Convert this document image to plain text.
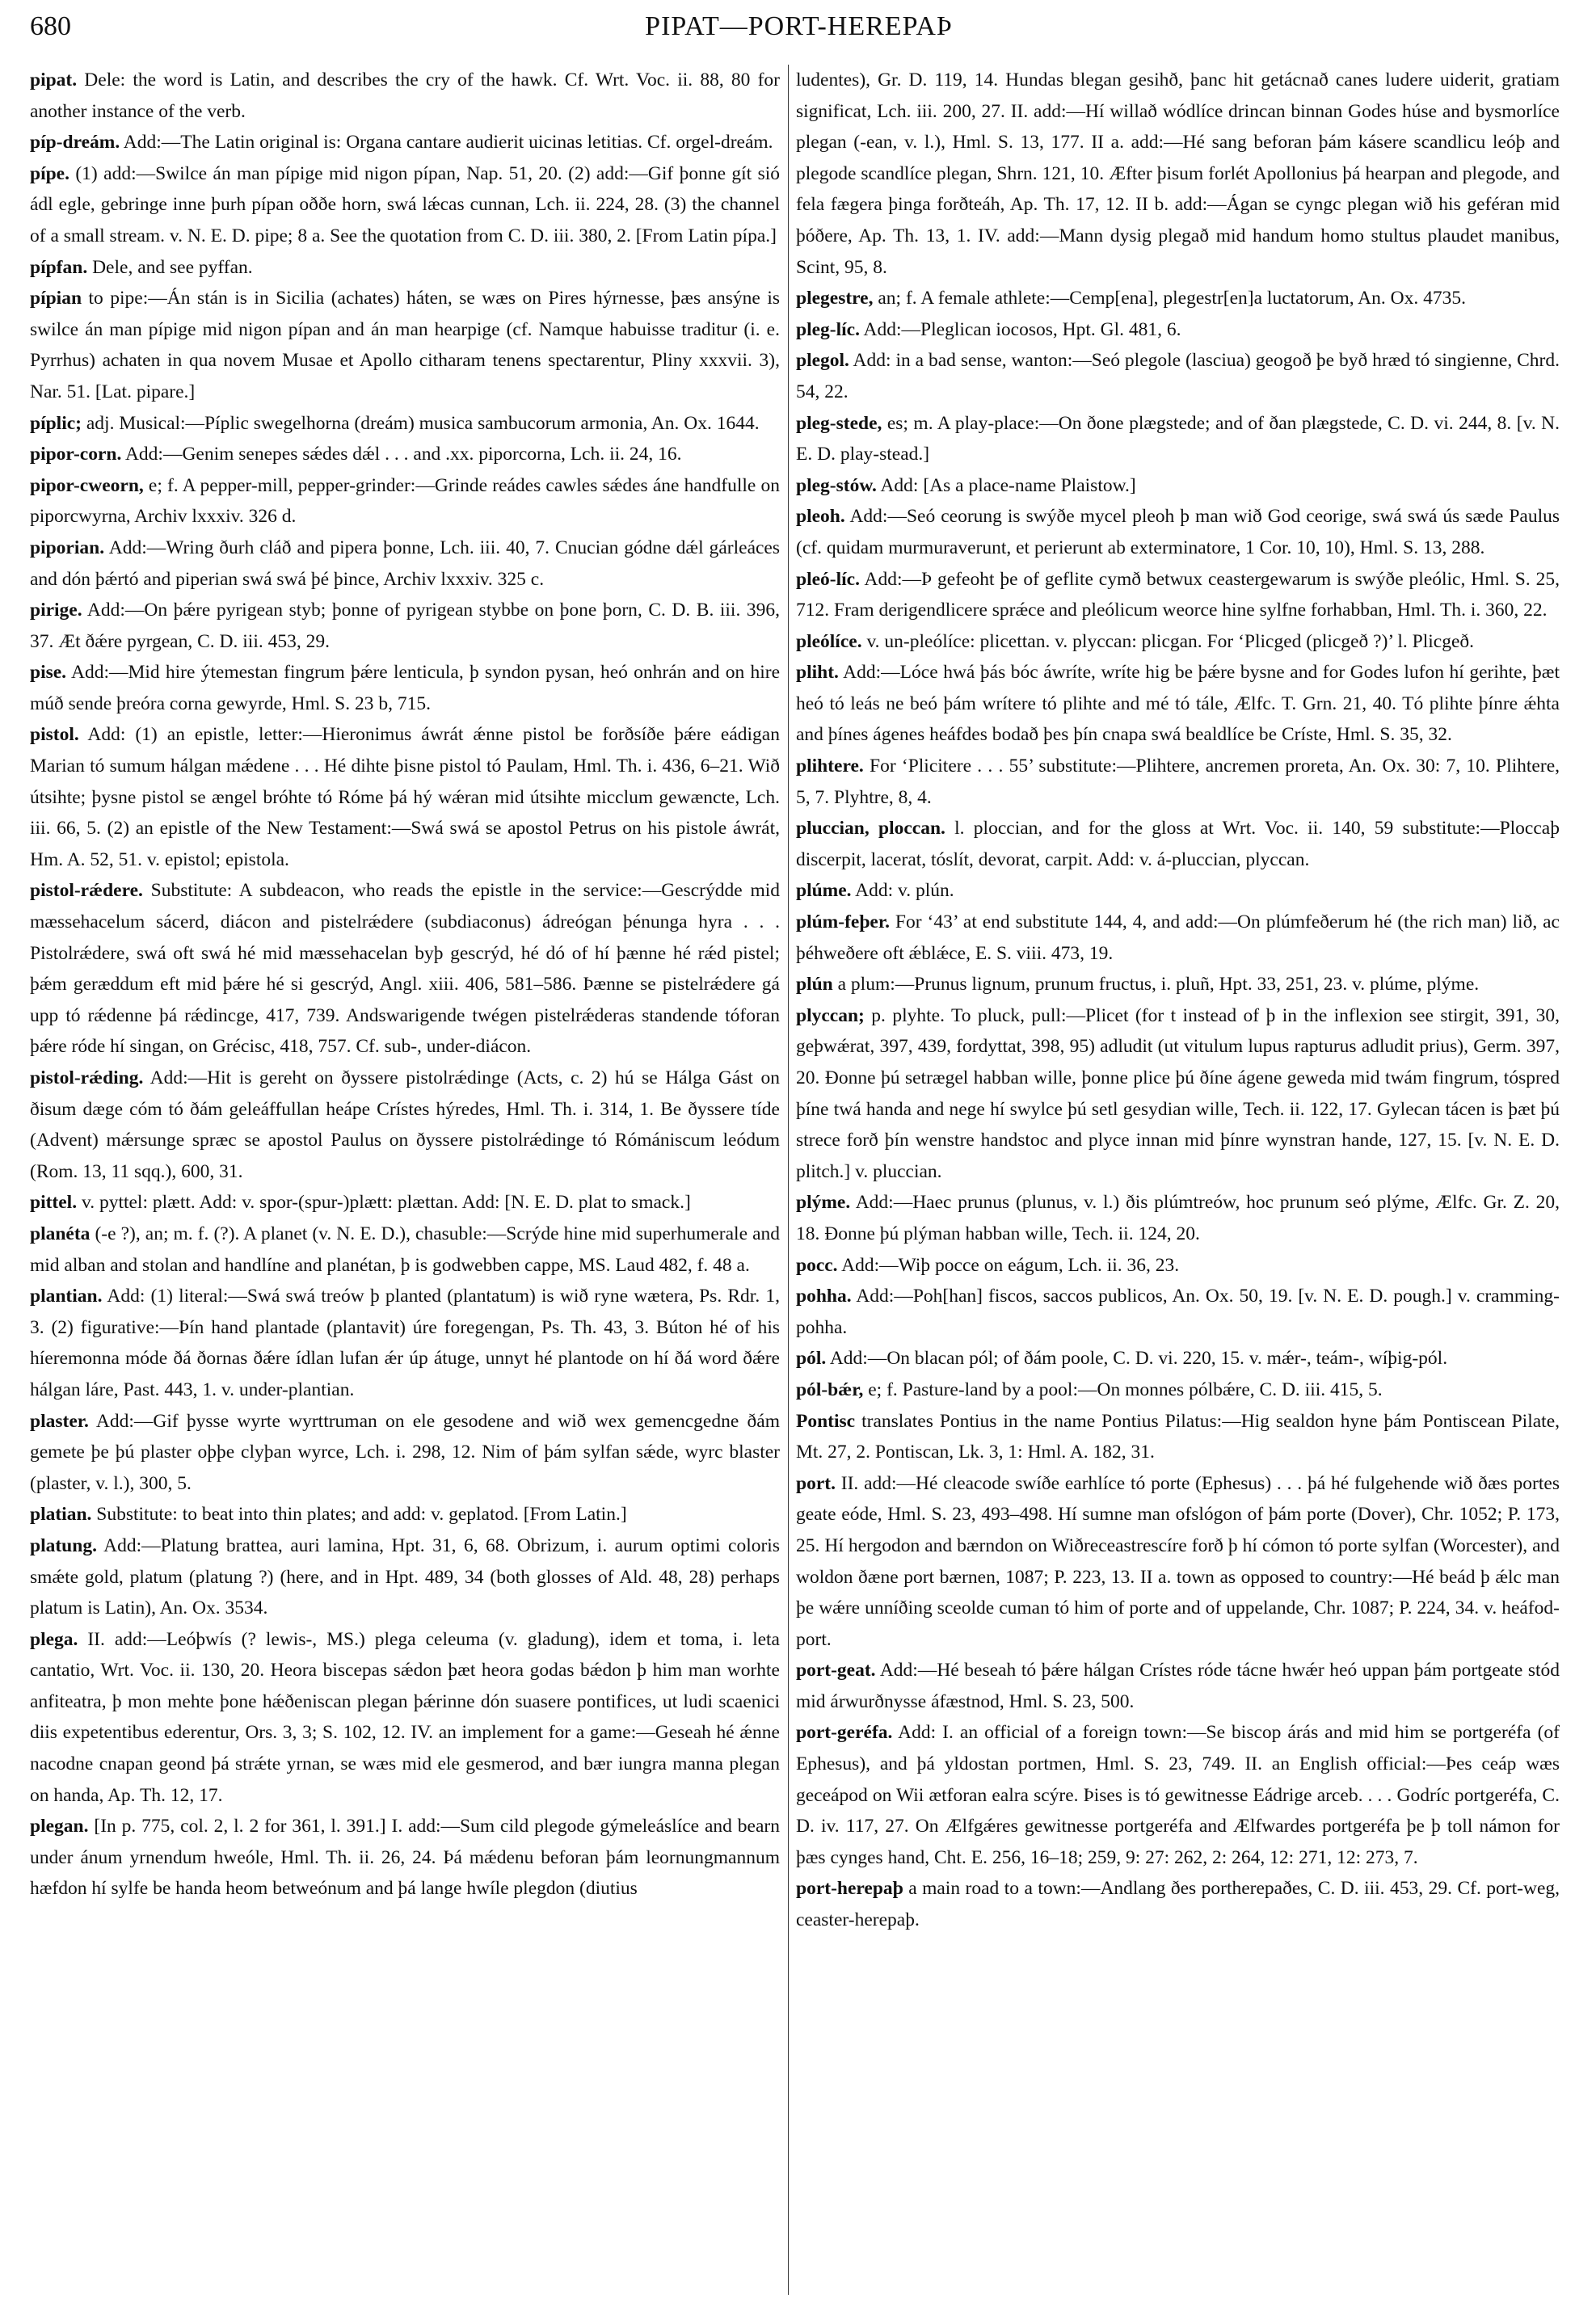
680	PIPAT—PORT-HEREPAÞ

pipat. Dele: the word is Latin, and describes the cry of the hawk. Cf. Wrt. Voc. ii. 88, 80 for another instance of the verb.

píp-dreám. Add:—The Latin original is: Organa cantare audierit uicinas letitias. Cf. orgel-dreám.

pípe. (1) add:—Swilce án man pípige mid nigon pípan, Nap. 51, 20. (2) add:—Gif þonne gít sió ádl egle, gebringe inne þurh pípan oððe horn, swá lǽcas cunnan, Lch. ii. 224, 28. (3) the channel of a small stream. v. N. E. D. pipe; 8 a. See the quotation from C. D. iii. 380, 2. [From Latin pípa.]

pípfan. Dele, and see pyffan.

pípian to pipe:—Án stán is in Sicilia (achates) háten, se wæs on Pires hýrnesse, þæs ansýne is swilce án man pípige mid nigon pípan and án man hearpige (cf. Namque habuisse traditur (i. e. Pyrrhus) achaten in qua novem Musae et Apollo citharam tenens spectarentur, Pliny xxxvii. 3), Nar. 51. [Lat. pipare.]

píplic; adj. Musical:—Píplic swegelhorna (dreám) musica sambucorum armonia, An. Ox. 1644.

pipor-corn. Add:—Genim senepes sǽdes dǽl . . . and .xx. piporcorna, Lch. ii. 24, 16.

pipor-cweorn, e; f. A pepper-mill, pepper-grinder:—Grinde reádes cawles sǽdes áne handfulle on piporcwyrna, Archiv lxxxiv. 326 d.

piporian. Add:—Wring ðurh cláð and pipera þonne, Lch. iii. 40, 7. Cnucian gódne dǽl gárleáces and dón þǽrtó and piperian swá swá þé þince, Archiv lxxxiv. 325 c.

pirige. Add:—On þǽre pyrigean styb; þonne of pyrigean stybbe on þone þorn, C. D. B. iii. 396, 37. Æt ðǽre pyrgean, C. D. iii. 453, 29.

pise. Add:—Mid hire ýtemestan fingrum þǽre lenticula, þ syndon pysan, heó onhrán and on hire múð sende þreóra corna gewyrde, Hml. S. 23 b, 715.

pistol. Add: (1) an epistle, letter:—Hieronimus áwrát ǽnne pistol be forðsíðe þǽre eádigan Marian tó sumum hálgan mǽdene . . . Hé dihte þisne pistol tó Paulam, Hml. Th. i. 436, 6–21. Wið útsihte; þysne pistol se ængel bróhte tó Róme þá hý wǽran mid útsihte micclum gewæncte, Lch. iii. 66, 5. (2) an epistle of the New Testament:—Swá swá se apostol Petrus on his pistole áwrát, Hm. A. 52, 51. v. epistol; epistola.

pistol-rǽdere. Substitute: A subdeacon, who reads the epistle in the service:—Gescrýdde mid mæssehacelum sácerd, diácon and pistelrǽdere (subdiaconus) ádreógan þénunga hyra . . . Pistolrǽdere, swá oft swá hé mid mæssehacelan byþ gescrýd, hé dó of hí þænne hé rǽd pistel; þǽm geræddum eft mid þǽre hé si gescrýd, Angl. xiii. 406, 581–586. Þænne se pistelrǽdere gá upp tó rǽdenne þá rǽdincge, 417, 739. Andswarigende twégen pistelrǽderas standende tóforan þǽre róde hí singan, on Grécisc, 418, 757. Cf. sub-, under-diácon.

pistol-rǽding. Add:—Hit is gereht on ðyssere pistolrǽdinge (Acts, c. 2) hú se Hálga Gást on ðisum dæge cóm tó ðám geleáffullan heápe Crístes hýredes, Hml. Th. i. 314, 1. Be ðyssere tíde (Advent) mǽrsunge spræc se apostol Paulus on ðyssere pistolrǽdinge tó Rómániscum leódum (Rom. 13, 11 sqq.), 600, 31.

pittel. v. pyttel: plætt. Add: v. spor-(spur-)plætt: plættan. Add: [N. E. D. plat to smack.]

planéta (-e ?), an; m. f. (?). A planet (v. N. E. D.), chasuble:—Scrýde hine mid superhumerale and mid alban and stolan and handlíne and planétan, þ is godwebben cappe, MS. Laud 482, f. 48 a.

plantian. Add: (1) literal:—Swá swá treów þ planted (plantatum) is wið ryne wætera, Ps. Rdr. 1, 3. (2) figurative:—Þín hand plantade (plantavit) úre foregengan, Ps. Th. 43, 3. Búton hé of his híeremonna móde ðá ðornas ðǽre ídlan lufan ǽr úp átuge, unnyt hé plantode on hí ðá word ðǽre hálgan láre, Past. 443, 1. v. under-plantian.

plaster. Add:—Gif þysse wyrte wyrttruman on ele gesodene and wið wex gemencgedne ðám gemete þe þú plaster oþþe clyþan wyrce, Lch. i. 298, 12. Nim of þám sylfan sǽde, wyrc blaster (plaster, v. l.), 300, 5.

platian. Substitute: to beat into thin plates; and add: v. geplatod. [From Latin.]

platung. Add:—Platung brattea, auri lamina, Hpt. 31, 6, 68. Obrizum, i. aurum optimi coloris smǽte gold, platum (platung ?) (here, and in Hpt. 489, 34 (both glosses of Ald. 48, 28) perhaps platum is Latin), An. Ox. 3534.

plega. II. add:—Leóþwís (? lewis-, MS.) plega celeuma (v. gladung), idem et toma, i. leta cantatio, Wrt. Voc. ii. 130, 20. Heora biscepas sǽdon þæt heora godas bǽdon þ him man worhte anfiteatra, þ mon mehte þone hǽðeniscan plegan þǽrinne dón suasere pontifices, ut ludi scaenici diis expetentibus ederentur, Ors. 3, 3; S. 102, 12. IV. an implement for a game:—Geseah hé ǽnne nacodne cnapan geond þá strǽte yrnan, se wæs mid ele gesmerod, and bær iungra manna plegan on handa, Ap. Th. 12, 17.

plegan. [In p. 775, col. 2, l. 2 for 361, l. 391.] I. add:—Sum cild plegode gýmeleáslíce and bearn under ánum yrnendum hweóle, Hml. Th. ii. 26, 24. Þá mǽdenu beforan þám leornungmannum hæfdon hí sylfe be handa heom betweónum and þá lange hwíle plegdon (diutius

ludentes), Gr. D. 119, 14. Hundas blegan gesihð, þanc hit getácnað canes ludere uiderit, gratiam significat, Lch. iii. 200, 27. II. add:—Hí willað wódlíce drincan binnan Godes húse and bysmorlíce plegan (-ean, v. l.), Hml. S. 13, 177. II a. add:—Hé sang beforan þám kásere scandlicu leóþ and plegode scandlíce plegan, Shrn. 121, 10. Æfter þisum forlét Apollonius þá hearpan and plegode, and fela fægera þinga forðteáh, Ap. Th. 17, 12. II b. add:—Ágan se cyngc plegan wið his geféran mid þóðere, Ap. Th. 13, 1. IV. add:—Mann dysig plegað mid handum homo stultus plaudet manibus, Scint, 95, 8.

plegestre, an; f. A female athlete:—Cemp[ena], plegestr[en]a luctatorum, An. Ox. 4735.

pleg-líc. Add:—Pleglican iocosos, Hpt. Gl. 481, 6.

plegol. Add: in a bad sense, wanton:—Seó plegole (lasciua) geogoð þe byð hræd tó singienne, Chrd. 54, 22.

pleg-stede, es; m. A play-place:—On ðone plægstede; and of ðan plægstede, C. D. vi. 244, 8. [v. N. E. D. play-stead.]

pleg-stów. Add: [As a place-name Plaistow.]

pleoh. Add:—Seó ceorung is swýðe mycel pleoh þ man wið God ceorige, swá swá ús sæde Paulus (cf. quidam murmuraverunt, et perierunt ab exterminatore, 1 Cor. 10, 10), Hml. S. 13, 288.

pleó-líc. Add:—Þ gefeoht þe of geflite cymð betwux ceastergewarum is swýðe pleólic, Hml. S. 25, 712. Fram derigendlicere sprǽce and pleólicum weorce hine sylfne forhabban, Hml. Th. i. 360, 22.

pleólíce. v. un-pleólíce: plicettan. v. plyccan: plicgan. For ‘Plicged (plicgeð ?)’ l. Plicgeð.

pliht. Add:—Lóce hwá þás bóc áwríte, wríte hig be þǽre bysne and for Godes lufon hí gerihte, þæt heó tó leás ne beó þám wrítere tó plihte and mé tó tále, Ælfc. T. Grn. 21, 40. Tó plihte þínre ǽhta and þínes ágenes heáfdes bodað þes þín cnapa swá bealdlíce be Críste, Hml. S. 35, 32.

plihtere. For ‘Plicitere . . . 55’ substitute:—Plihtere, ancremen proreta, An. Ox. 30: 7, 10. Plihtere, 5, 7. Plyhtre, 8, 4.

pluccian, ploccan. l. ploccian, and for the gloss at Wrt. Voc. ii. 140, 59 substitute:—Ploccaþ discerpit, lacerat, tóslít, devorat, carpit. Add: v. á-pluccian, plyccan.

plúme. Add: v. plún.

plúm-feþer. For ‘43’ at end substitute 144, 4, and add:—On plúmfeðerum hé (the rich man) lið, ac þéhweðere oft ǽblǽce, E. S. viii. 473, 19.

plún a plum:—Prunus lignum, prunum fructus, i. pluñ, Hpt. 33, 251, 23. v. plúme, plýme.

plyccan; p. plyhte. To pluck, pull:—Plicet (for t instead of þ in the inflexion see stirgit, 391, 30, geþwǽrat, 397, 439, fordyttat, 398, 95) adludit (ut vitulum lupus rapturus adludit prius), Germ. 397, 20. Ðonne þú setrægel habban wille, þonne plice þú ðíne ágene geweda mid twám fingrum, tóspred þíne twá handa and nege hí swylce þú setl gesydian wille, Tech. ii. 122, 17. Gylecan tácen is þæt þú strece forð þín wenstre handstoc and plyce innan mid þínre wynstran hande, 127, 15. [v. N. E. D. plitch.] v. pluccian.

plýme. Add:—Haec prunus (plunus, v. l.) ðis plúmtreów, hoc prunum seó plýme, Ælfc. Gr. Z. 20, 18. Ðonne þú plýman habban wille, Tech. ii. 124, 20.

pocc. Add:—Wiþ pocce on eágum, Lch. ii. 36, 23.

pohha. Add:—Poh[han] fiscos, saccos publicos, An. Ox. 50, 19. [v. N. E. D. pough.] v. cramming-pohha.

pól. Add:—On blacan pól; of ðám poole, C. D. vi. 220, 15. v. mǽr-, teám-, wíþig-pól.

pól-bǽr, e; f. Pasture-land by a pool:—On monnes pólbǽre, C. D. iii. 415, 5.

Pontisc translates Pontius in the name Pontius Pilatus:—Hig sealdon hyne þám Pontiscean Pilate, Mt. 27, 2. Pontiscan, Lk. 3, 1: Hml. A. 182, 31.

port. II. add:—Hé cleacode swíðe earhlíce tó porte (Ephesus) . . . þá hé fulgehende wið ðæs portes geate eóde, Hml. S. 23, 493–498. Hí sumne man ofslógon of þám porte (Dover), Chr. 1052; P. 173, 25. Hí hergodon and bærndon on Wiðreceastrescíre forð þ hí cómon tó porte sylfan (Worcester), and woldon ðæne port bærnen, 1087; P. 223, 13. II a. town as opposed to country:—Hé beád þ ǽlc man þe wǽre unníðing sceolde cuman tó him of porte and of uppelande, Chr. 1087; P. 224, 34. v. heáfod-port.

port-geat. Add:—Hé beseah tó þǽre hálgan Crístes róde tácne hwǽr heó uppan þám portgeate stód mid árwurðnysse áfæstnod, Hml. S. 23, 500.

port-geréfa. Add: I. an official of a foreign town:—Se biscop árás and mid him se portgeréfa (of Ephesus), and þá yldostan portmen, Hml. S. 23, 749. II. an English official:—Þes ceáp wæs geceápod on Wii ætforan ealra scýre. Þises is tó gewitnesse Eádrige arceb. . . . Godríc portgeréfa, C. D. iv. 117, 27. On Ælfgǽres gewitnesse portgeréfa and Ælfwardes portgeréfa þe þ toll námon for þæs cynges hand, Cht. E. 256, 16–18; 259, 9: 27: 262, 2: 264, 12: 271, 12: 273, 7.

port-herepaþ a main road to a town:—Andlang ðes portherepaðes, C. D. iii. 453, 29. Cf. port-weg, ceaster-herepaþ.
